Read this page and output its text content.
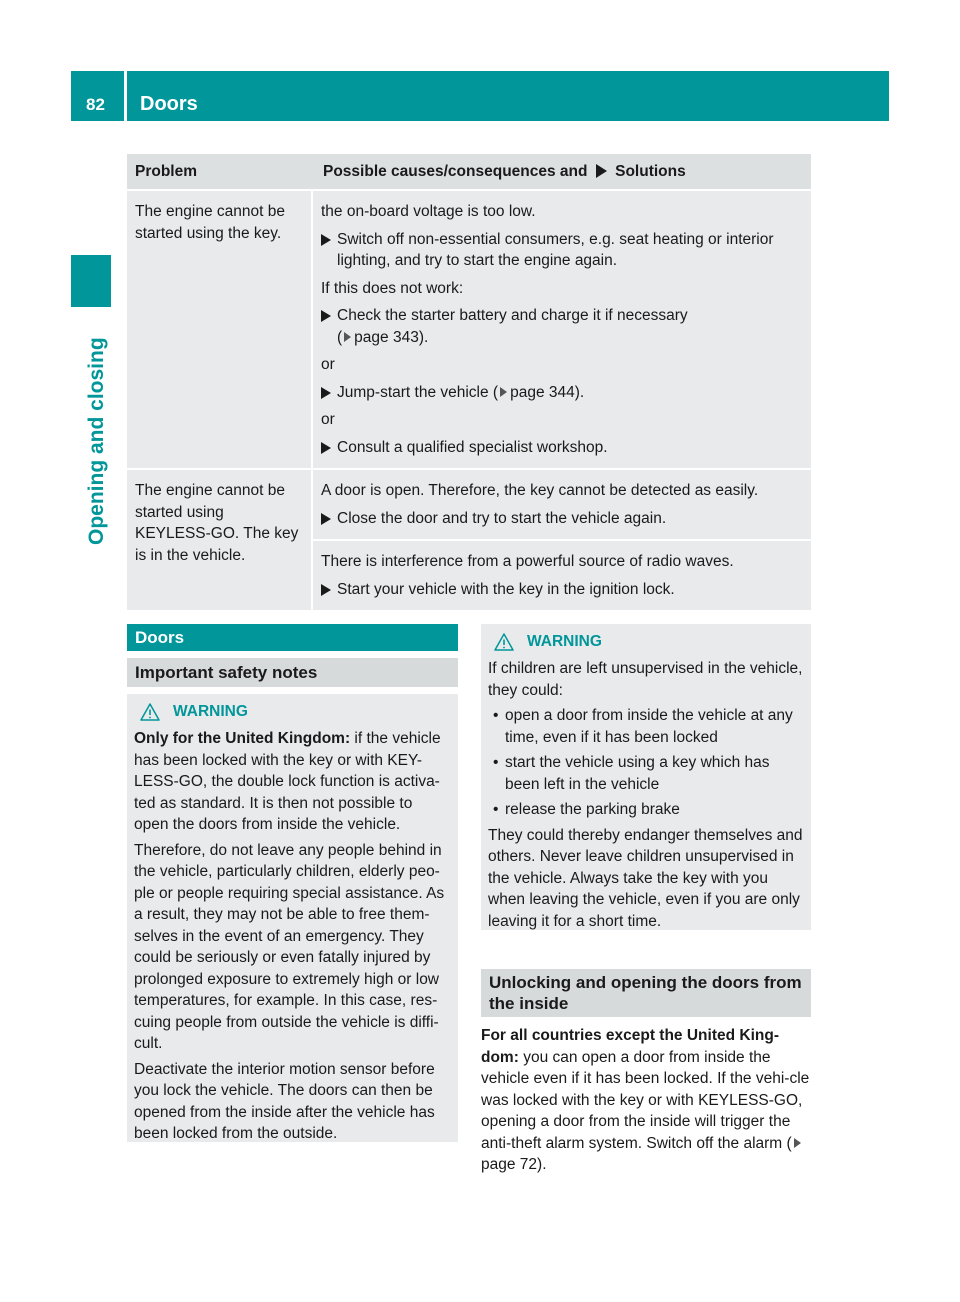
82 Doors
Opening and closing
Problem	Possible causes/consequences and Solutions
The engine cannot be started using the key.
the on-board voltage is too low.
Switch off non-essential consumers, e.g. seat heating or interior lighting, and try to start the engine again.
If this does not work:
Check the starter battery and charge it if necessary
( page 343).
or
Jump-start the vehicle ( page 344).
or
Consult a qualified specialist workshop.
The engine cannot be started using KEYLESS-GO. The key is in the vehicle.
A door is open. Therefore, the key cannot be detected as easily.
Close the door and try to start the vehicle again.
There is interference from a powerful source of radio waves.
Start your vehicle with the key in the ignition lock.
Doors
Important safety notes
WARNING

Only for the United Kingdom: if the vehicle has been locked with the key or with KEY-LESS-GO, the double lock function is activa-ted as standard. It is then not possible to open the doors from inside the vehicle.

Therefore, do not leave any people behind in the vehicle, particularly children, elderly peo-ple or people requiring special assistance. As a result, they may not be able to free them-selves in the event of an emergency. They could be seriously or even fatally injured by prolonged exposure to extremely high or low temperatures, for example. In this case, res-cuing people from outside the vehicle is diffi-cult.

Deactivate the interior motion sensor before you lock the vehicle. The doors can then be opened from the inside after the vehicle has been locked from the outside.

WARNING

If children are left unsupervised in the vehicle, they could:

• open a door from inside the vehicle at any time, even if it has been locked
• start the vehicle using a key which has been left in the vehicle
• release the parking brake

They could thereby endanger themselves and others. Never leave children unsupervised in the vehicle. Always take the key with you when leaving the vehicle, even if you are only leaving it for a short time.

Unlocking and opening the doors from the inside
For all countries except the United King-dom: you can open a door from inside the vehicle even if it has been locked. If the vehi-cle was locked with the key or with KEYLESS-GO, opening a door from the inside will trigger the anti-theft alarm system. Switch off the alarm (page 72).
